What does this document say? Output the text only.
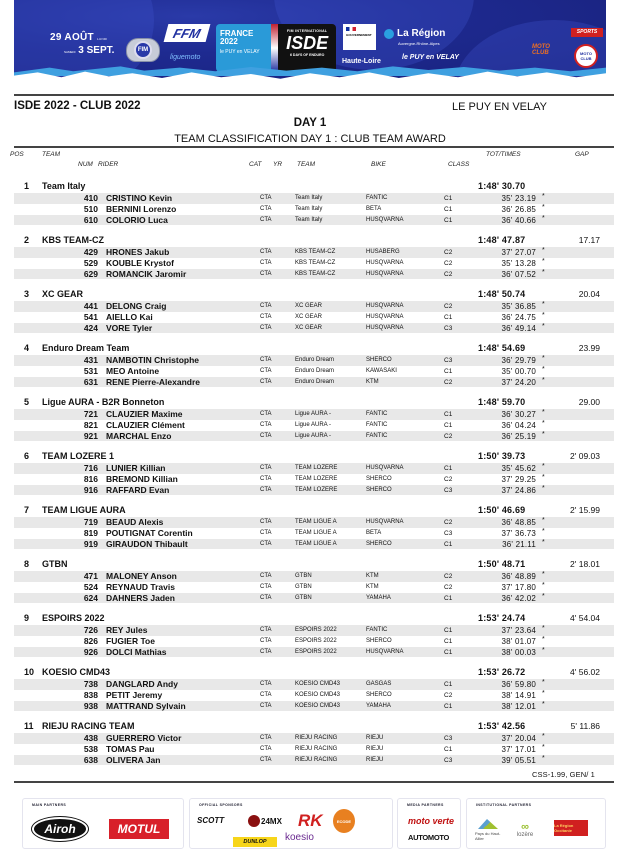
29 AOÛT LUNDI
SAMEDI 3 SEPT.	FIM
FFM
liguemoto
FRANCE
2022
le PUY en VELAY
FIM INTERNATIONAL
ISDE
6 DAYS OF ENDURO
GOUVERNEMENT
Haute-Loire
La Région
Auvergne-Rhône-Alpes
le PUY en VELAY
MOTO CLUB
SPORTS
MOTO CLUB
ISDE 2022 - CLUB 2022	LE PUY EN VELAY
DAY 1
TEAM CLASSIFICATION DAY 1 : CLUB TEAM AWARD
POS	TEAM
NUM RIDER	CAT YR TEAM	BIKE	CLASS
TOT/TIMES	GAP
1	Team Italy	1:48' 30.70
410 CRISTINO Kevin	CTA	Team Italy	FANTIC	C1	35' 23.19 *
510 BERNINI Lorenzo	CTA	Team Italy	BETA	C1	36' 26.85 *
610 COLORIO Luca	CTA	Team Italy	HUSQVARNA	C1	36' 40.66 *
2	KBS TEAM-CZ	1:48' 47.87	17.17
429 HRONES Jakub	CTA	KBS TEAM-CZ	HUSABERG	C2	37' 27.07 *
529 KOUBLE Krystof	CTA	KBS TEAM-CZ	HUSQVARNA	C2	35' 13.28 *
629 ROMANCIK Jaromir	CTA	KBS TEAM-CZ	HUSQVARNA	C2	36' 07.52 *
3	XC GEAR	1:48' 50.74	20.04
441 DELONG Craig	CTA	XC GEAR	HUSQVARNA	C2	35' 36.85 *
541 AIELLO Kai	CTA	XC GEAR	HUSQVARNA	C1	36' 24.75 *
424 VORE Tyler	CTA	XC GEAR	HUSQVARNA	C3	36' 49.14 *
4	Enduro Dream Team	1:48' 54.69	23.99
431 NAMBOTIN Christophe	CTA	Enduro Dream	SHERCO	C3	36' 29.79 *
531 MEO Antoine	CTA	Enduro Dream	KAWASAKI	C1	35' 00.70 *
631 RENE Pierre-Alexandre	CTA	Enduro Dream	KTM	C2	37' 24.20 *
5	Ligue AURA - B2R Bonneton	1:48' 59.70	29.00
721 CLAUZIER Maxime	CTA	Ligue AURA -	FANTIC	C1	36' 30.27 *
821 CLAUZIER Clément	CTA	Ligue AURA -	FANTIC	C1	36' 04.24 *
921 MARCHAL Enzo	CTA	Ligue AURA -	FANTIC	C2	36' 25.19 *
6	TEAM LOZERE 1	1:50' 39.73	2' 09.03
716 LUNIER Killian	CTA	TEAM LOZERE	HUSQVARNA	C1	35' 45.62 *
816 BREMOND Killian	CTA	TEAM LOZERE	SHERCO	C2	37' 29.25 *
916 RAFFARD Evan	CTA	TEAM LOZERE	SHERCO	C3	37' 24.86 *
7	TEAM LIGUE AURA	1:50' 46.69	2' 15.99
719 BEAUD Alexis	CTA	TEAM LIGUE A	HUSQVARNA	C2	36' 48.85 *
819 POUTIGNAT Corentin	CTA	TEAM LIGUE A	BETA	C3	37' 36.73 *
919 GIRAUDON Thibault	CTA	TEAM LIGUE A	SHERCO	C1	36' 21.11 *
8	GTBN	1:50' 48.71	2' 18.01
471 MALONEY Anson	CTA	GTBN	KTM	C2	36' 48.89 *
524 REYNAUD Travis	CTA	GTBN	KTM	C2	37' 17.80 *
624 DAHNERS Jaden	CTA	GTBN	YAMAHA	C1	36' 42.02 *
9	ESPOIRS 2022	1:53' 24.74	4' 54.04
726 REY Jules	CTA	ESPOIRS 2022	FANTIC	C1	37' 23.64 *
826 FUGIER Toe	CTA	ESPOIRS 2022	SHERCO	C1	38' 01.07 *
926 DOLCI Mathias	CTA	ESPOIRS 2022	HUSQVARNA	C1	38' 00.03 *
10 KOESIO CMD43	1:53' 26.72	4' 56.02
738 DANGLARD Andy	CTA	KOESIO CMD43	GASGAS	C1	36' 59.80 *
838 PETIT Jeremy	CTA	KOESIO CMD43	SHERCO	C2	38' 14.91 *
938 MATTRAND Sylvain	CTA	KOESIO CMD43	YAMAHA	C1	38' 12.01 *
11 RIEJU RACING TEAM	1:53' 42.56	5' 11.86
438 GUERRERO Victor	CTA	RIEJU RACING	RIEJU	C3	37' 20.04 *
538 TOMAS Pau	CTA	RIEJU RACING	RIEJU	C1	37' 17.01 *
638 OLIVERA Jan	CTA	RIEJU RACING	RIEJU	C3	39' 05.51 *
CSS-1.99, GEN/ 1
MAIN PARTNERS
Airoh	MOTUL
OFFICIAL SPONSORS
SCOTT	24MX RK	ECODE
DUNLOP	koesio
MEDIA PARTNERS
moto verte
AUTOMOTO
INSTITUTIONAL PARTNERS
Pays du Haut-Allier
∞
lozère
La Région Occitanie
